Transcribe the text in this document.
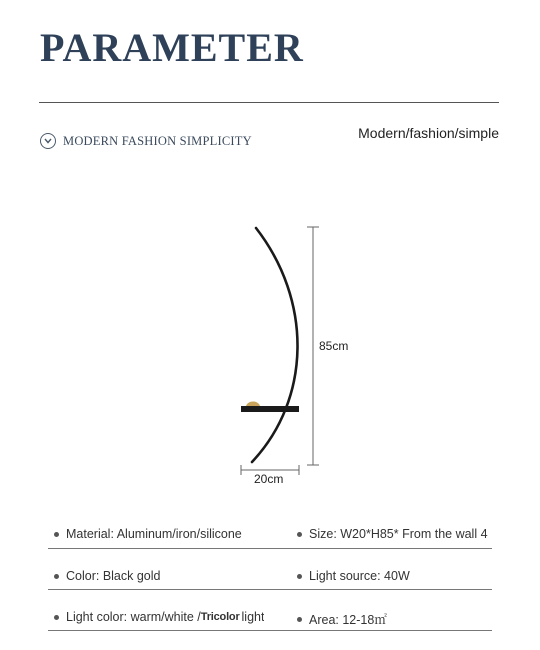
PARAMETER
MODERN FASHION SIMPLICITY	Modern/fashion/simple
85cm
20cm
Material: Aluminum/iron/silicone	Size: W20*H85* From the wall 4
Color: Black gold	Light source: 40W
Light color: warm/white / Tricolor light	Area: 12-18㎡
